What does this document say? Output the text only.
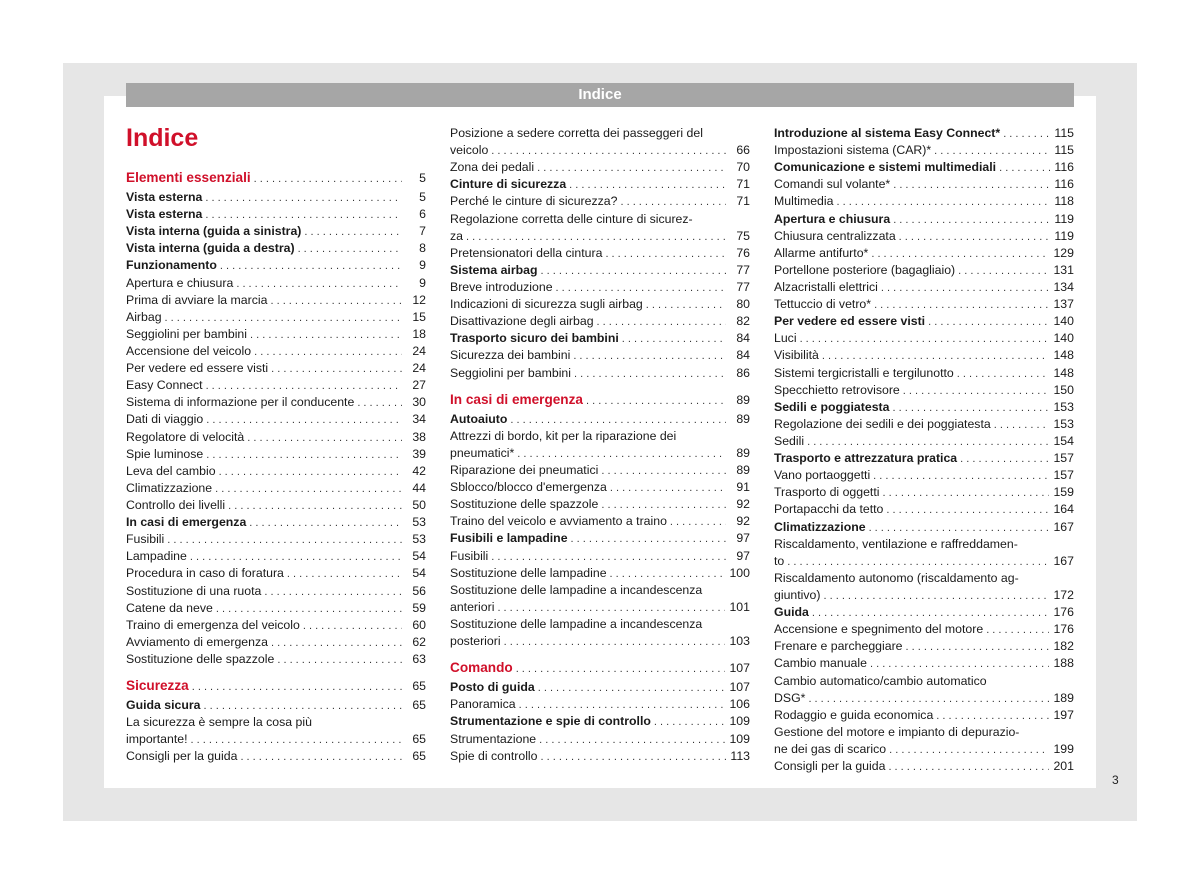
Indice
Indice
Elementi essenziali . . .	5
Vista esterna . . .	5
Vista esterna . . .	6
Vista interna (guida a sinistra) . . .	7
Vista interna (guida a destra) . . .	8
Funzionamento . . .	9
Apertura e chiusura . . .	9
Prima di avviare la marcia . . .	12
Airbag . . .	15
Seggiolini per bambini . . .	18
Accensione del veicolo . . .	24
Per vedere ed essere visti . . .	24
Easy Connect . . .	27
Sistema di informazione per il conducente . . .	30
Dati di viaggio . . .	34
Regolatore di velocità . . .	38
Spie luminose . . .	39
Leva del cambio . . .	42
Climatizzazione . . .	44
Controllo dei livelli . . .	50
In casi di emergenza . . .	53
Fusibili . . .	53
Lampadine . . .	54
Procedura in caso di foratura . . .	54
Sostituzione di una ruota . . .	56
Catene da neve . . .	59
Traino di emergenza del veicolo . . .	60
Avviamento di emergenza . . .	62
Sostituzione delle spazzole . . .	63
Sicurezza . . .	65
Guida sicura . . .	65
La sicurezza è sempre la cosa più
importante! . . .	65
Consigli per la guida . . .	65
Posizione a sedere corretta dei passeggeri del
veicolo . . .	66
Zona dei pedali . . .	70
Cinture di sicurezza . . .	71
Perché le cinture di sicurezza? . . .	71
Regolazione corretta delle cinture di sicurez-
za . . .	75
Pretensionatori della cintura . . .	76
Sistema airbag . . .	77
Breve introduzione . . .	77
Indicazioni di sicurezza sugli airbag . . .	80
Disattivazione degli airbag . . .	82
Trasporto sicuro dei bambini . . .	84
Sicurezza dei bambini . . .	84
Seggiolini per bambini . . .	86
In casi di emergenza . . .	89
Autoaiuto . . .	89
Attrezzi di bordo, kit per la riparazione dei
pneumatici* . . .	89
Riparazione dei pneumatici . . .	89
Sblocco/blocco d'emergenza . . .	91
Sostituzione delle spazzole . . .	92
Traino del veicolo e avviamento a traino . . .	92
Fusibili e lampadine . . .	97
Fusibili . . .	97
Sostituzione delle lampadine . . .	100
Sostituzione delle lampadine a incandescenza
anteriori . . .	101
Sostituzione delle lampadine a incandescenza
posteriori . . .	103
Comando . . .	107
Posto di guida . . .	107
Panoramica . . .	106
Strumentazione e spie di controllo . . .	109
Strumentazione . . .	109
Spie di controllo . . .	113
Introduzione al sistema Easy Connect* . . .	115
Impostazioni sistema (CAR)* . . .	115
Comunicazione e sistemi multimediali . . .	116
Comandi sul volante* . . .	116
Multimedia . . .	118
Apertura e chiusura . . .	119
Chiusura centralizzata . . .	119
Allarme antifurto* . . .	129
Portellone posteriore (bagagliaio) . . .	131
Alzacristalli elettrici . . .	134
Tettuccio di vetro* . . .	137
Per vedere ed essere visti . . .	140
Luci . . .	140
Visibilità . . .	148
Sistemi tergicristalli e tergilunotto . . .	148
Specchietto retrovisore . . .	150
Sedili e poggiatesta . . .	153
Regolazione dei sedili e dei poggiatesta . . .	153
Sedili . . .	154
Trasporto e attrezzatura pratica . . .	157
Vano portaoggetti . . .	157
Trasporto di oggetti . . .	159
Portapacchi da tetto . . .	164
Climatizzazione . . .	167
Riscaldamento, ventilazione e raffreddamen-
to . . .	167
Riscaldamento autonomo (riscaldamento ag-
giuntivo) . . .	172
Guida . . .	176
Accensione e spegnimento del motore . . .	176
Frenare e parcheggiare . . .	182
Cambio manuale . . .	188
Cambio automatico/cambio automatico
DSG* . . .	189
Rodaggio e guida economica . . .	197
Gestione del motore e impianto di depurazio-
ne dei gas di scarico . . .	199
Consigli per la guida . . .	201
3
